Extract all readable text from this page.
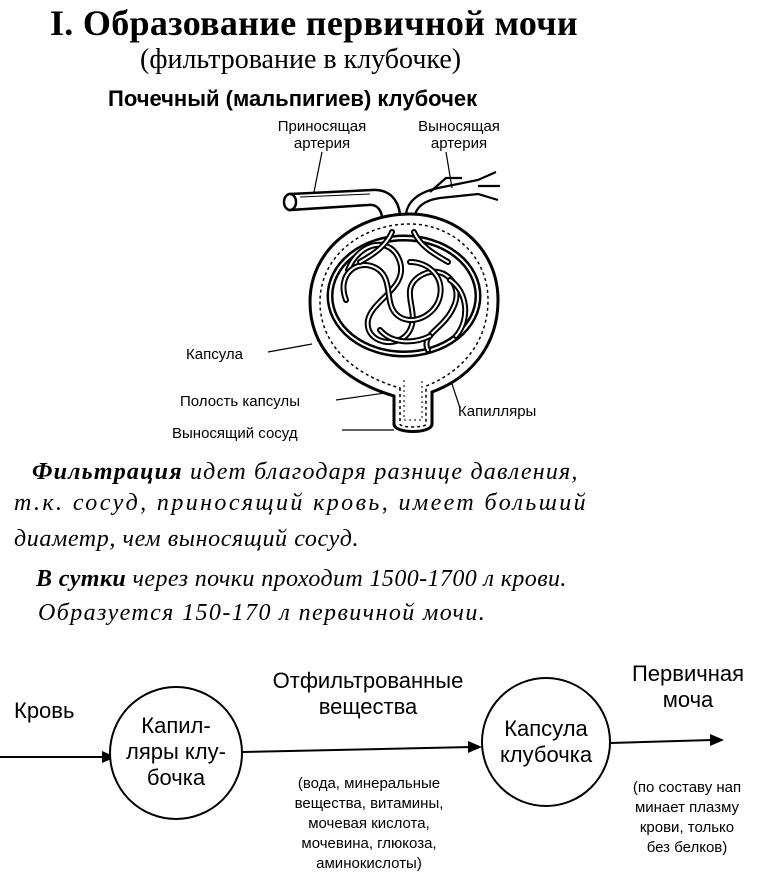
I. Образование первичной мочи
(фильтрование в клубочке)
Почечный (мальпигиев) клубочек
Приносящая
артерия
Выносящая
артерия
Капсула
Полость капсулы
Выносящий сосуд
Капилляры
Фильтрация идет благодаря разнице давления,
т.к. сосуд, приносящий кровь, имеет больший
диаметр, чем выносящий сосуд.
В сутки через почки проходит 1500-1700 л крови.
Образуется 150-170 л первичной мочи.
Кровь
Капил-
ляры клу-
бочка
Отфильтрованные
вещества
Капсула
клубочка
Первичная
моча
(вода, минеральные
вещества, витамины,
мочевая кислота,
мочевина, глюкоза,
аминокислоты)
(по составу нап
минает плазму
крови, только
без белков)
